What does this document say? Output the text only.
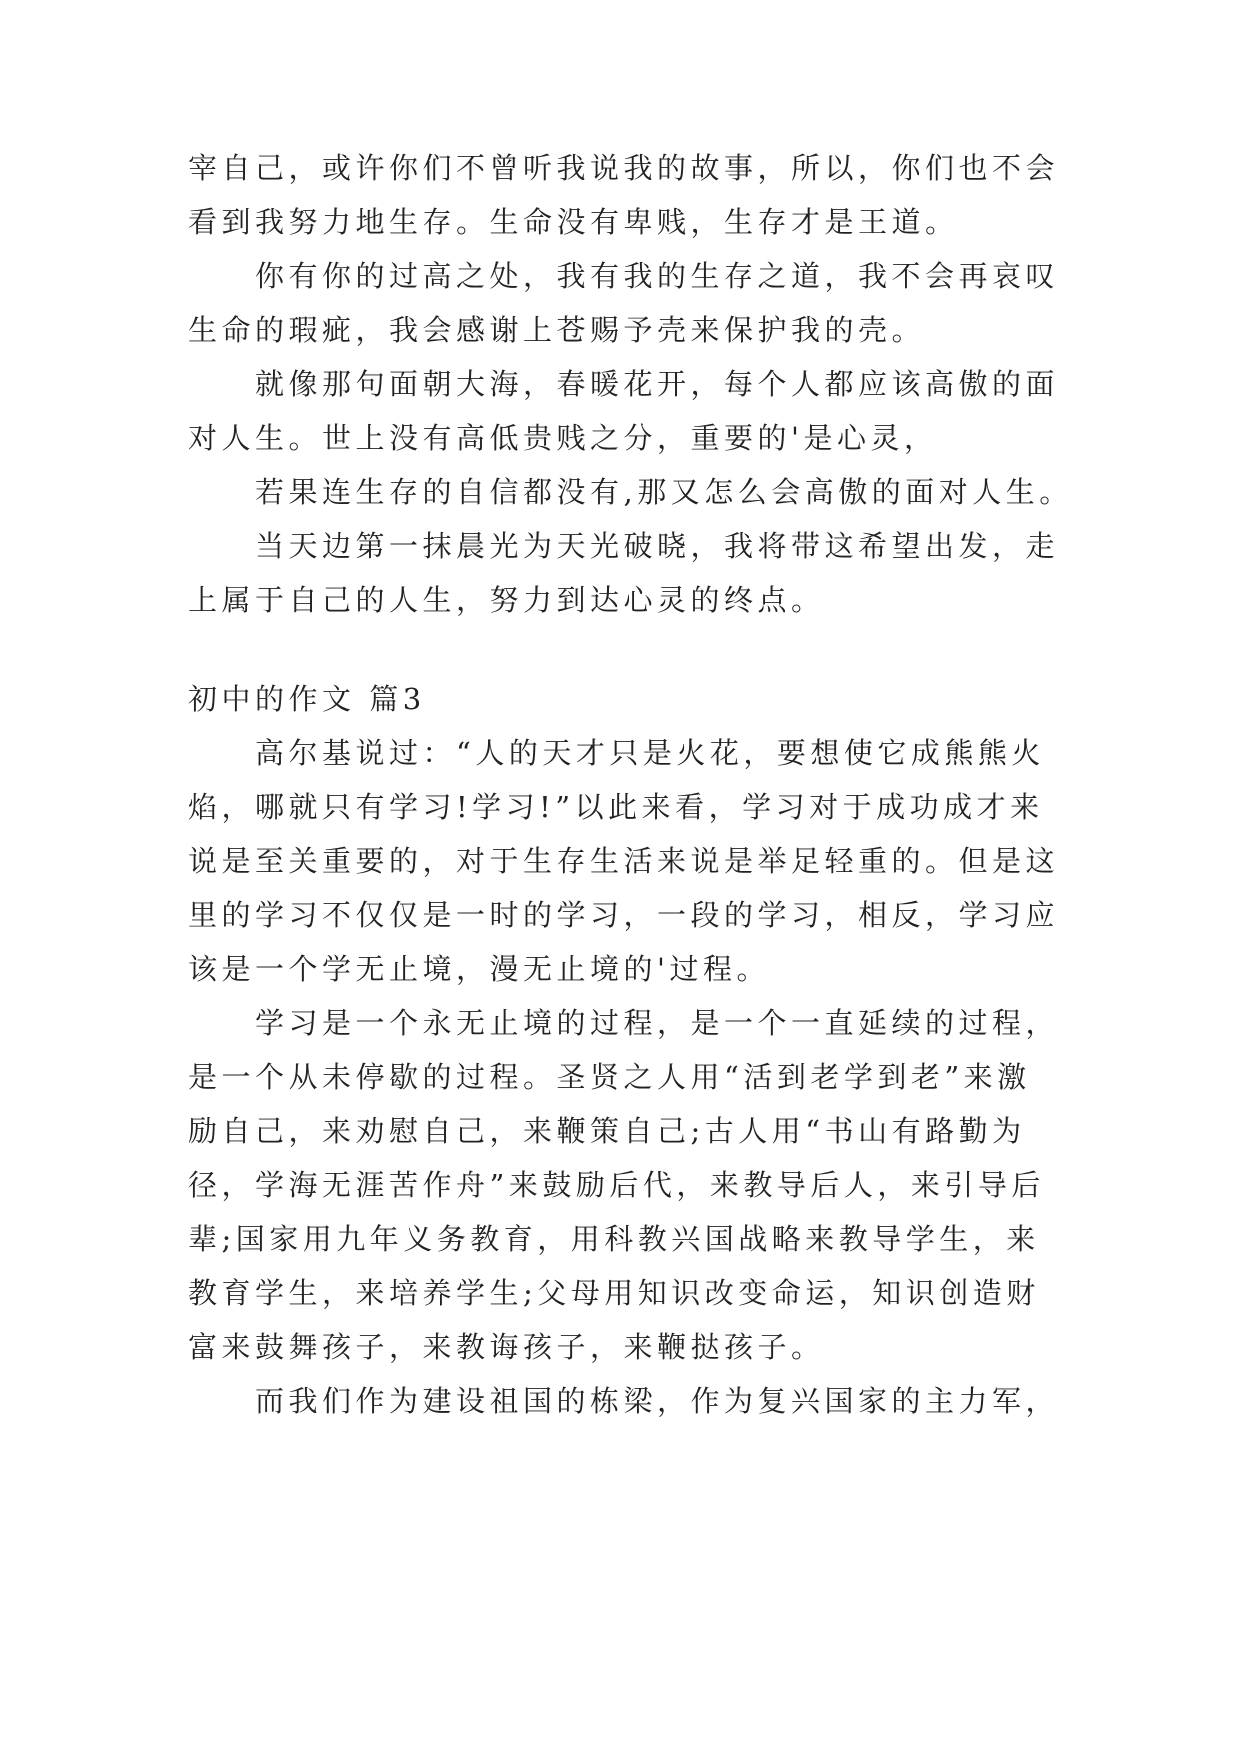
宰自己，或许你们不曾听我说我的故事，所以，你们也不会
看到我努力地生存。生命没有卑贱，生存才是王道。
你有你的过高之处，我有我的生存之道，我不会再哀叹
生命的瑕疵，我会感谢上苍赐予壳来保护我的壳。
就像那句面朝大海，春暖花开，每个人都应该高傲的面
对人生。世上没有高低贵贱之分，重要的'是心灵，
若果连生存的自信都没有,那又怎么会高傲的面对人生。
当天边第一抹晨光为天光破晓，我将带这希望出发，走
上属于自己的人生，努力到达心灵的终点。
初中的作文 篇3
高尔基说过：“人的天才只是火花，要想使它成熊熊火
焰，哪就只有学习!学习!”以此来看，学习对于成功成才来
说是至关重要的，对于生存生活来说是举足轻重的。但是这
里的学习不仅仅是一时的学习，一段的学习，相反，学习应
该是一个学无止境，漫无止境的'过程。
学习是一个永无止境的过程，是一个一直延续的过程，
是一个从未停歇的过程。圣贤之人用“活到老学到老”来激
励自己，来劝慰自己，来鞭策自己;古人用“书山有路勤为
径，学海无涯苦作舟”来鼓励后代，来教导后人，来引导后
辈;国家用九年义务教育，用科教兴国战略来教导学生，来
教育学生，来培养学生;父母用知识改变命运，知识创造财
富来鼓舞孩子，来教诲孩子，来鞭挞孩子。
而我们作为建设祖国的栋梁，作为复兴国家的主力军，
